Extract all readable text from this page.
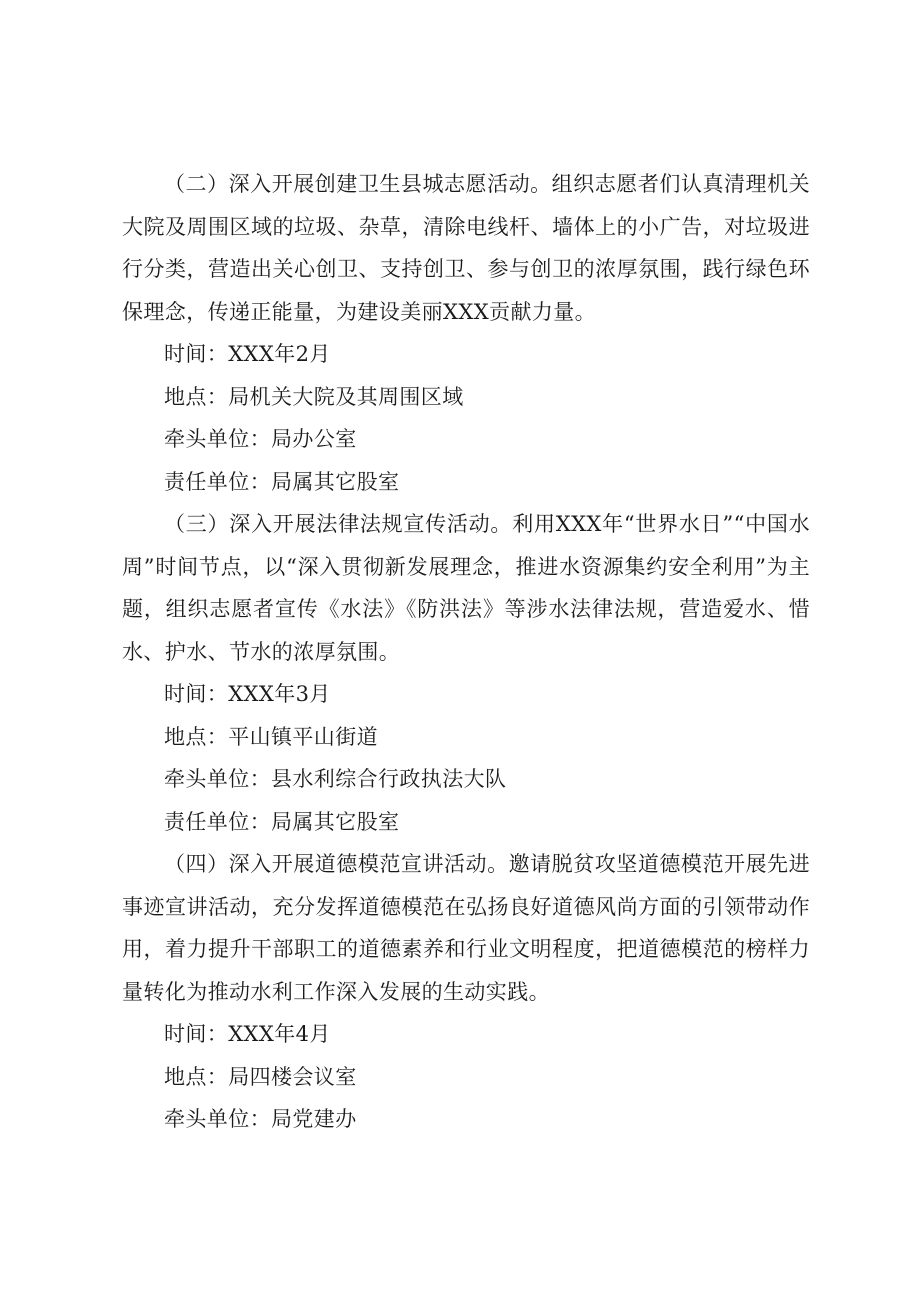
（二）深入开展创建卫生县城志愿活动。组织志愿者们认真清理机关大院及周围区域的垃圾、杂草，清除电线杆、墙体上的小广告，对垃圾进行分类，营造出关心创卫、支持创卫、参与创卫的浓厚氛围，践行绿色环保理念，传递正能量，为建设美丽XXX贡献力量。

时间：XXX年2月

地点：局机关大院及其周围区域

牵头单位：局办公室

责任单位：局属其它股室

（三）深入开展法律法规宣传活动。利用XXX年“世界水日”“中国水周”时间节点，以“深入贯彻新发展理念，推进水资源集约安全利用”为主题，组织志愿者宣传《水法》《防洪法》等涉水法律法规，营造爱水、惜水、护水、节水的浓厚氛围。

时间：XXX年3月

地点：平山镇平山街道

牵头单位：县水利综合行政执法大队

责任单位：局属其它股室

（四）深入开展道德模范宣讲活动。邀请脱贫攻坚道德模范开展先进事迹宣讲活动，充分发挥道德模范在弘扬良好道德风尚方面的引领带动作用，着力提升干部职工的道德素养和行业文明程度，把道德模范的榜样力量转化为推动水利工作深入发展的生动实践。

时间：XXX年4月

地点：局四楼会议室

牵头单位：局党建办
